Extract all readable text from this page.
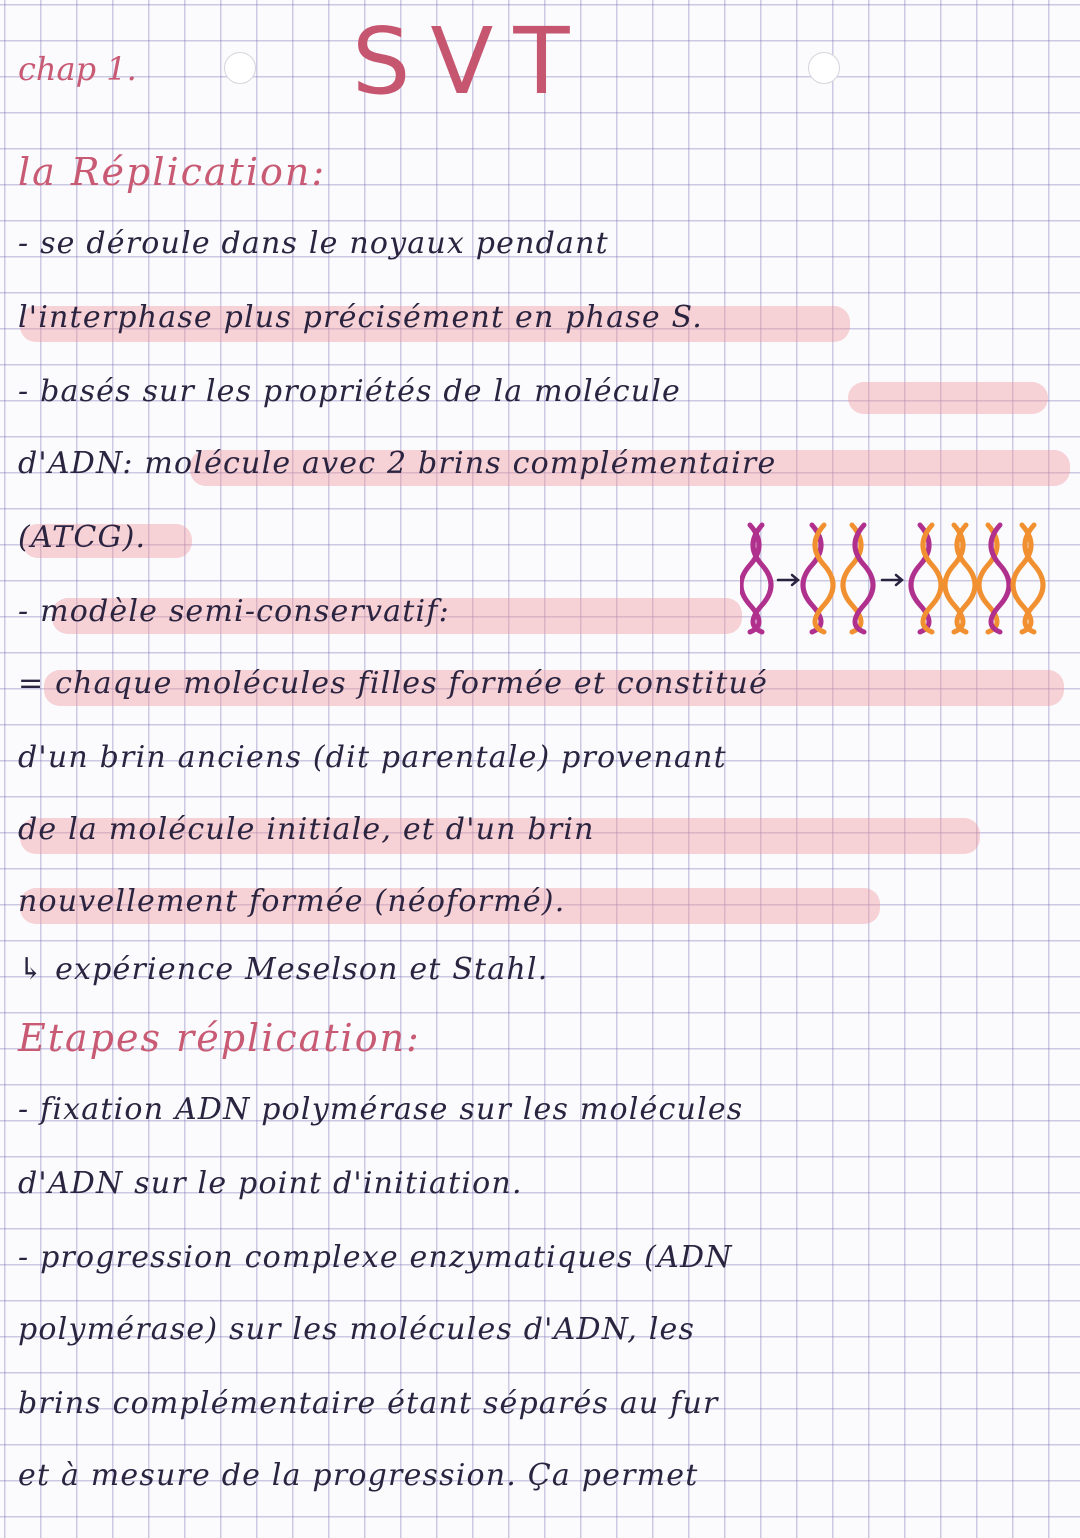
chap 1. SVT
la Réplication:
- se déroule dans le noyaux pendant
l'interphase plus précisément en phase S.
- basés sur les propriétés de la molécule
d'ADN: molécule avec 2 brins complémentaire
(ATCG).
- modèle semi-conservatif:
= chaque molécules filles formée et constitué
d'un brin anciens (dit parentale) provenant
de la molécule initiale, et d'un brin
nouvellement formée (néoformé).
↳ expérience Meselson et Stahl.
Etapes réplication:
- fixation ADN polymérase sur les molécules
d'ADN sur le point d'initiation.
- progression complexe enzymatiques (ADN
polymérase) sur les molécules d'ADN, les
brins complémentaire étant séparés au fur
et à mesure de la progression. Ça permet
